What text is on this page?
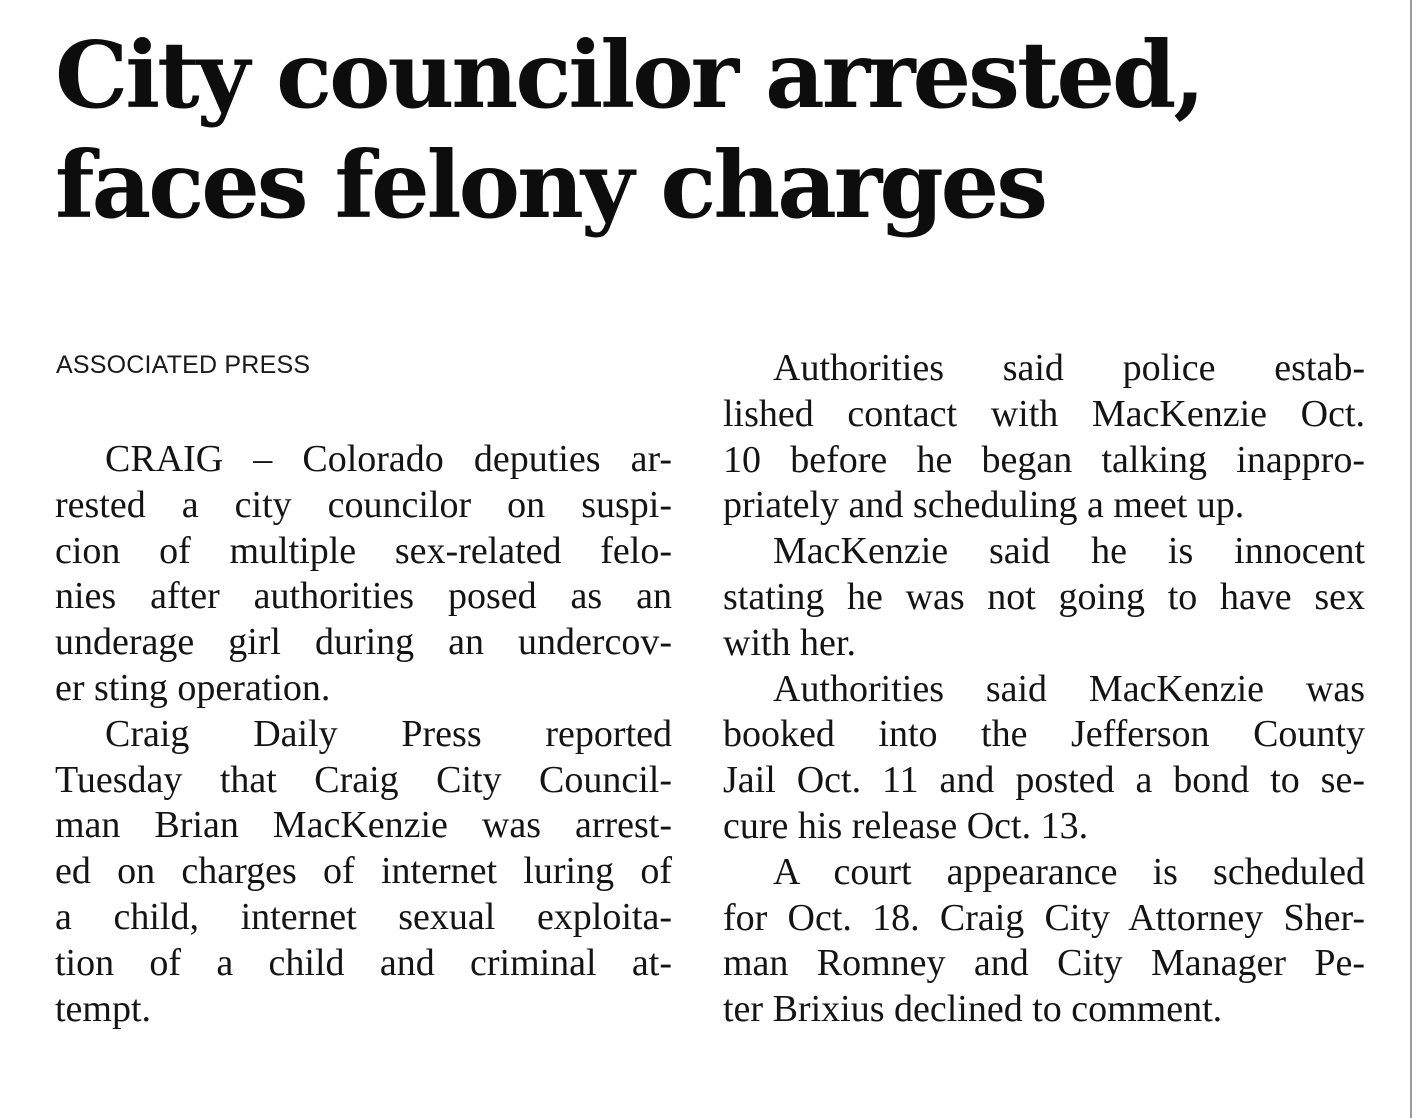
City councilor arrested,
faces felony charges
ASSOCIATED PRESS

CRAIG – Colorado deputies ar-
rested a city councilor on suspi-
cion of multiple sex-related felo-
nies after authorities posed as an
underage girl during an undercov-
er sting operation.

Craig Daily Press reported
Tuesday that Craig City Council-
man Brian MacKenzie was arrest-
ed on charges of internet luring of
a child, internet sexual exploita-
tion of a child and criminal at-
tempt.

Authorities said police estab-
lished contact with MacKenzie Oct.
10 before he began talking inappro-
priately and scheduling a meet up.

MacKenzie said he is innocent
stating he was not going to have sex
with her.

Authorities said MacKenzie was
booked into the Jefferson County
Jail Oct. 11 and posted a bond to se-
cure his release Oct. 13.

A court appearance is scheduled
for Oct. 18. Craig City Attorney Sher-
man Romney and City Manager Pe-
ter Brixius declined to comment.
